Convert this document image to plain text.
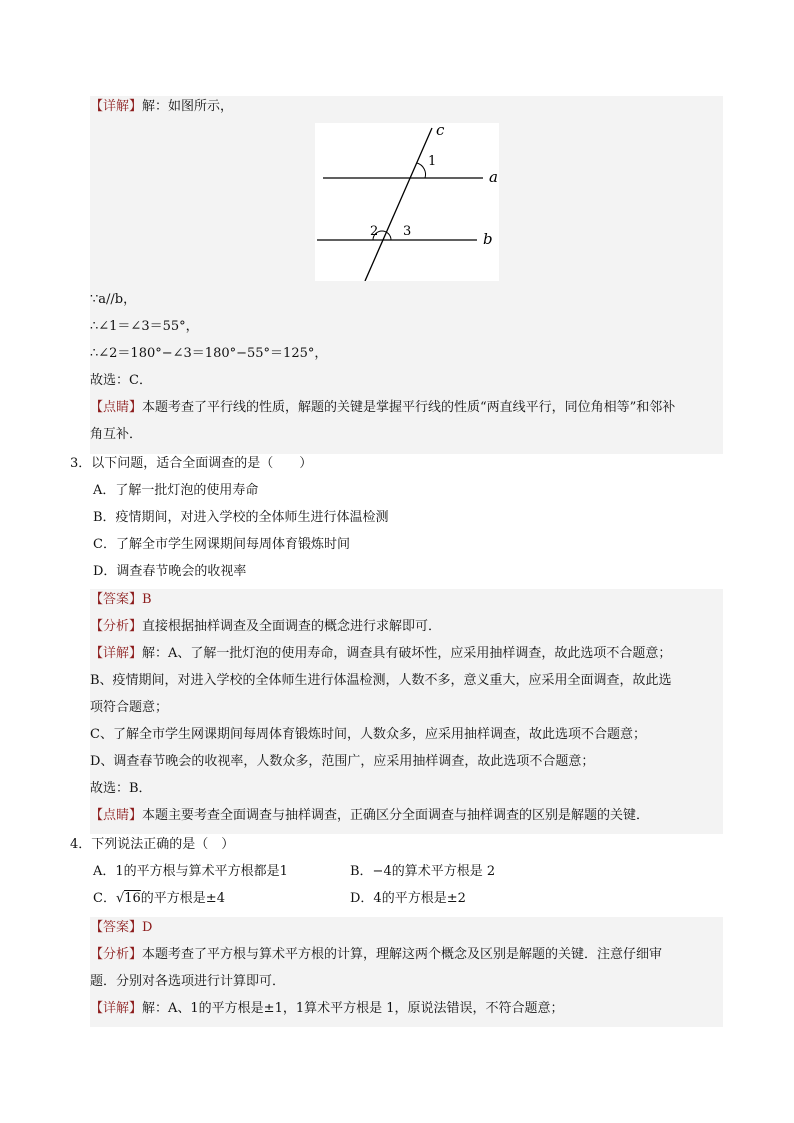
【详解】解：如图所示，
c
1
a
2 3	b
∵a//b，
∴∠1＝∠3＝55°，
∴∠2＝180°−∠3＝180°−55°＝125°，
故选：C．
【点睛】本题考查了平行线的性质，解题的关键是掌握平行线的性质“两直线平行，同位角相等”和邻补
角互补．
3．以下问题，适合全面调查的是（　　）
A．了解一批灯泡的使用寿命
B．疫情期间，对进入学校的全体师生进行体温检测
C．了解全市学生网课期间每周体育锻炼时间
D．调查春节晚会的收视率
【答案】B
【分析】直接根据抽样调查及全面调查的概念进行求解即可．
【详解】解：A、了解一批灯泡的使用寿命，调查具有破坏性，应采用抽样调查，故此选项不合题意；
B、疫情期间，对进入学校的全体师生进行体温检测，人数不多，意义重大，应采用全面调查，故此选
项符合题意；
C、了解全市学生网课期间每周体育锻炼时间，人数众多，应采用抽样调查，故此选项不合题意；
D、调查春节晚会的收视率，人数众多，范围广，应采用抽样调查，故此选项不合题意；
故选：B．
【点睛】本题主要考查全面调查与抽样调查，正确区分全面调查与抽样调查的区别是解题的关键．
4．下列说法正确的是（　）
A．1的平方根与算术平方根都是1	B．−4的算术平方根是 2
C．√16的平方根是±4	D．4的平方根是±2
【答案】D
【分析】本题考查了平方根与算术平方根的计算，理解这两个概念及区别是解题的关键．注意仔细审
题．分别对各选项进行计算即可．
【详解】解：A、1的平方根是±1，1算术平方根是 1，原说法错误，不符合题意；
